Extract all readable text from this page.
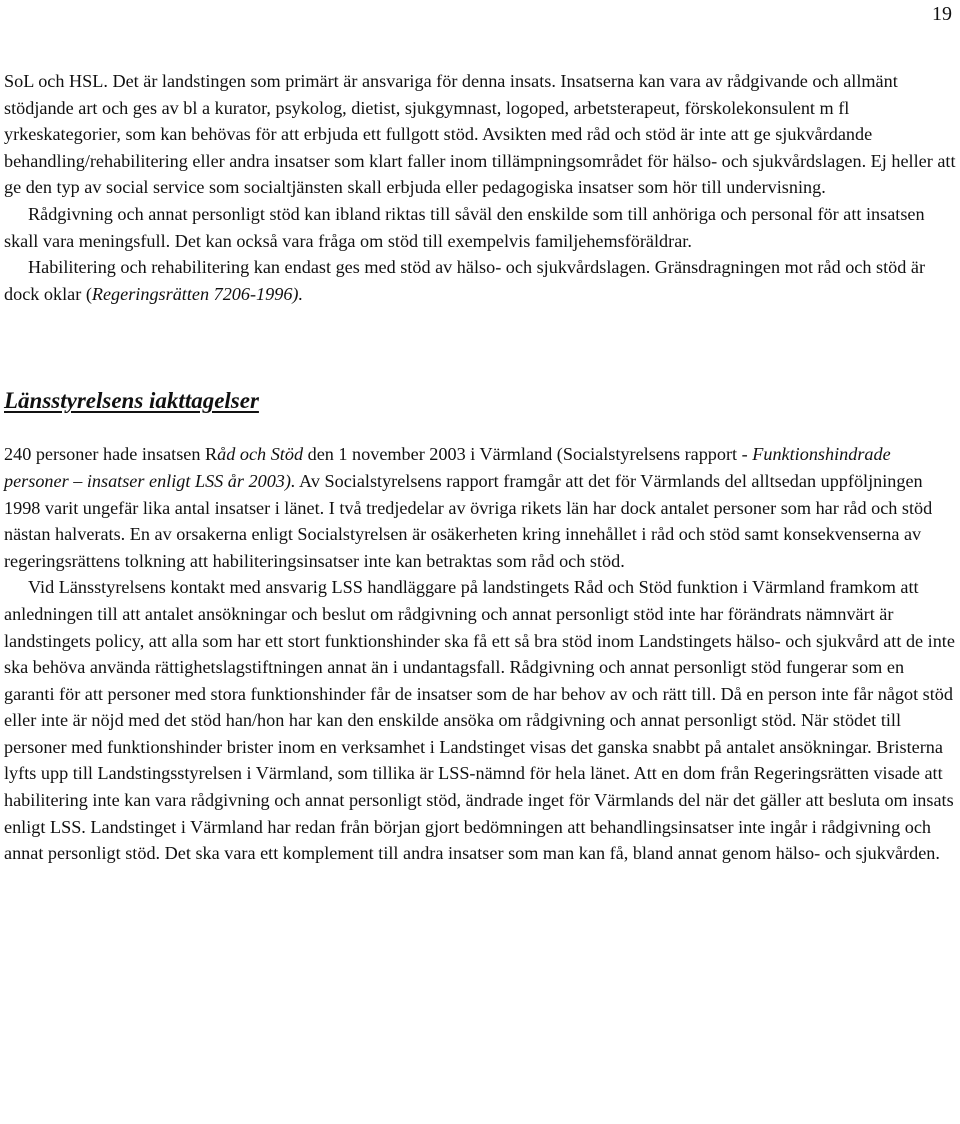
19

SoL och HSL. Det är landstingen som primärt är ansvariga för denna insats. Insatserna kan vara av rådgivande och allmänt stödjande art och ges av bl a kurator, psykolog, dietist, sjukgymnast, logoped, arbetsterapeut, förskolekonsulent m fl yrkeskategorier, som kan behövas för att erbjuda ett fullgott stöd. Avsikten med råd och stöd är inte att ge sjukvårdande behandling/rehabilitering eller andra insatser som klart faller inom tillämpningsområdet för hälso- och sjukvårdslagen. Ej heller att ge den typ av social service som socialtjänsten skall erbjuda eller pedagogiska insatser som hör till undervisning.

Rådgivning och annat personligt stöd kan ibland riktas till såväl den enskilde som till anhöriga och personal för att insatsen skall vara meningsfull. Det kan också vara fråga om stöd till exempelvis familjehemsföräldrar.

Habilitering och rehabilitering kan endast ges med stöd av hälso- och sjukvårdslagen. Gränsdragningen mot råd och stöd är dock oklar (Regeringsrätten 7206-1996).

Länsstyrelsens iakttagelser

240 personer hade insatsen Råd och Stöd den 1 november 2003 i Värmland (Socialstyrelsens rapport - Funktionshindrade personer – insatser enligt LSS år 2003). Av Socialstyrelsens rapport framgår att det för Värmlands del alltsedan uppföljningen 1998 varit ungefär lika antal insatser i länet. I två tredjedelar av övriga rikets län har dock antalet personer som har råd och stöd nästan halverats. En av orsakerna enligt Socialstyrelsen är osäkerheten kring innehållet i råd och stöd samt konsekvenserna av regeringsrättens tolkning att habiliteringsinsatser inte kan betraktas som råd och stöd.

Vid Länsstyrelsens kontakt med ansvarig LSS handläggare på landstingets Råd och Stöd funktion i Värmland framkom att anledningen till att antalet ansökningar och beslut om rådgivning och annat personligt stöd inte har förändrats nämnvärt är landstingets policy, att alla som har ett stort funktionshinder ska få ett så bra stöd inom Landstingets hälso- och sjukvård att de inte ska behöva använda rättighetslagstiftningen annat än i undantagsfall. Rådgivning och annat personligt stöd fungerar som en garanti för att personer med stora funktionshinder får de insatser som de har behov av och rätt till. Då en person inte får något stöd eller inte är nöjd med det stöd han/hon har kan den enskilde ansöka om rådgivning och annat personligt stöd. När stödet till personer med funktionshinder brister inom en verksamhet i Landstinget visas det ganska snabbt på antalet ansökningar. Bristerna lyfts upp till Landstingsstyrelsen i Värmland, som tillika är LSS-nämnd för hela länet. Att en dom från Regeringsrätten visade att habilitering inte kan vara rådgivning och annat personligt stöd, ändrade inget för Värmlands del när det gäller att besluta om insats enligt LSS. Landstinget i Värmland har redan från början gjort bedömningen att behandlingsinsatser inte ingår i rådgivning och annat personligt stöd. Det ska vara ett komplement till andra insatser som man kan få, bland annat genom hälso- och sjukvården.
